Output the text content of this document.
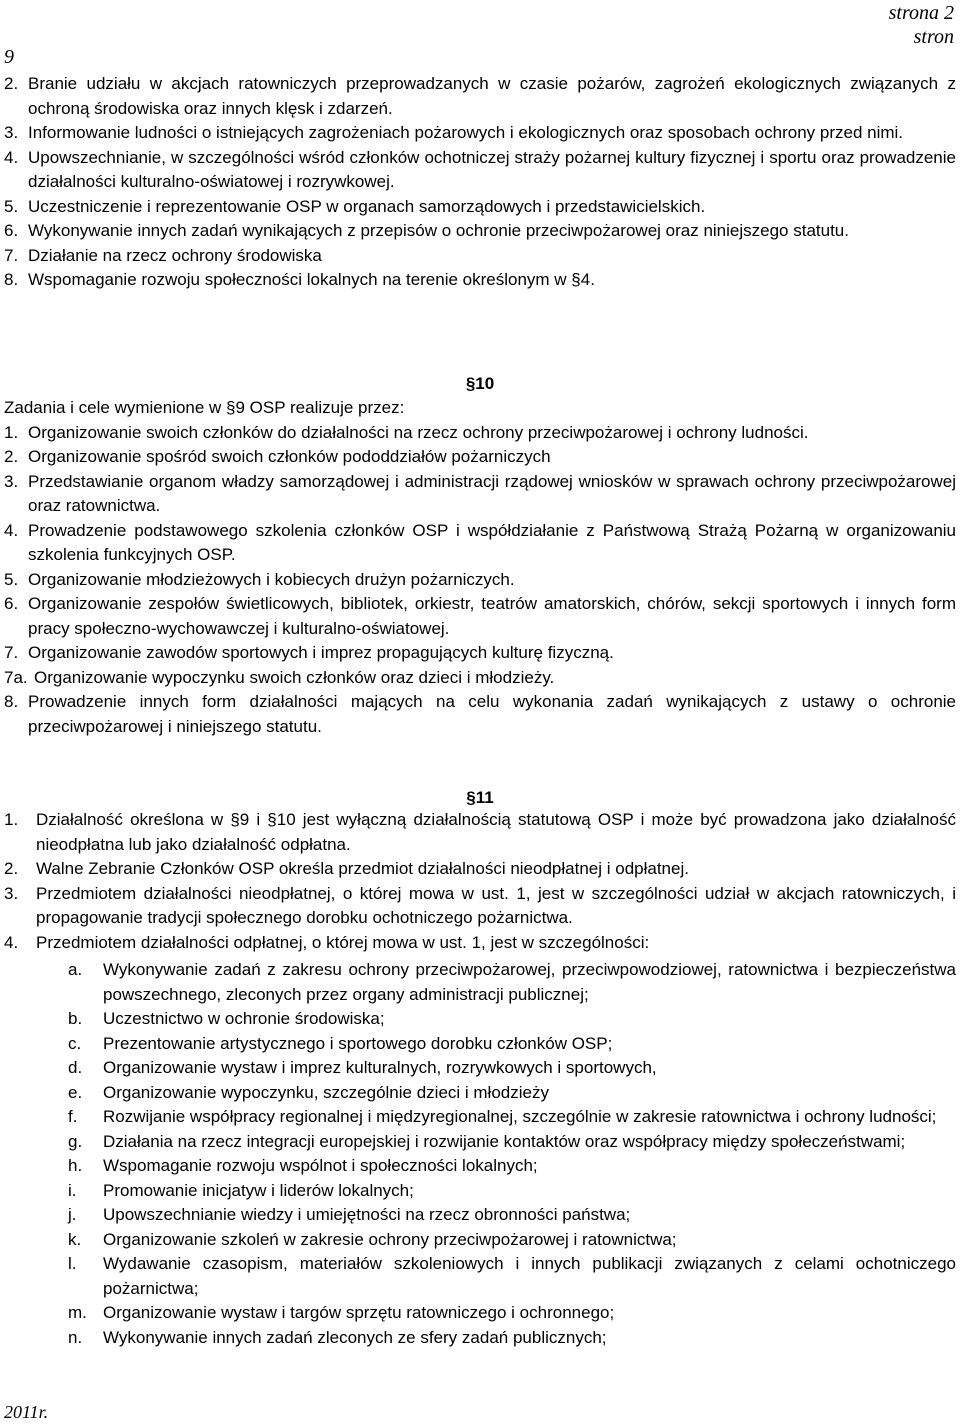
strona 2
stron
9
2. Branie udziału w akcjach ratowniczych przeprowadzanych w czasie pożarów, zagrożeń ekologicznych związanych z ochroną środowiska oraz innych klęsk i zdarzeń.
3. Informowanie ludności o istniejących zagrożeniach pożarowych i ekologicznych oraz sposobach ochrony przed nimi.
4. Upowszechnianie, w szczególności wśród członków ochotniczej straży pożarnej kultury fizycznej i sportu oraz prowadzenie działalności kulturalno-oświatowej i rozrywkowej.
5. Uczestniczenie i reprezentowanie OSP w organach samorządowych i przedstawicielskich.
6. Wykonywanie innych zadań wynikających z przepisów o ochronie przeciwpożarowej oraz niniejszego statutu.
7. Działanie na rzecz ochrony środowiska
8. Wspomaganie rozwoju społeczności lokalnych na terenie określonym w §4.
§10
Zadania i cele wymienione w §9 OSP realizuje przez:
1. Organizowanie swoich członków do działalności na rzecz ochrony przeciwpożarowej i ochrony ludności.
2. Organizowanie spośród swoich członków pododdziałów pożarniczych
3. Przedstawianie organom władzy samorządowej i administracji rządowej wniosków w sprawach ochrony przeciwpożarowej oraz ratownictwa.
4. Prowadzenie podstawowego szkolenia członków OSP i współdziałanie z Państwową Strażą Pożarną w organizowaniu szkolenia funkcyjnych OSP.
5. Organizowanie młodzieżowych i kobiecych drużyn pożarniczych.
6. Organizowanie zespołów świetlicowych, bibliotek, orkiestr, teatrów amatorskich, chórów, sekcji sportowych i innych form pracy społeczno-wychowawczej i kulturalno-oświatowej.
7. Organizowanie zawodów sportowych i imprez propagujących kulturę fizyczną.
7a. Organizowanie wypoczynku swoich członków oraz dzieci i młodzieży.
8. Prowadzenie innych form działalności mających na celu wykonania zadań wynikających z ustawy o ochronie przeciwpożarowej i niniejszego statutu.
§11
1.	Działalność określona w §9 i §10 jest wyłączną działalnością statutową OSP i może być prowadzona jako działalność nieodpłatna lub jako działalność odpłatna.
2.	Walne Zebranie Członków OSP określa przedmiot działalności nieodpłatnej i odpłatnej.
3.	Przedmiotem działalności nieodpłatnej, o której mowa w ust. 1, jest w szczególności udział w akcjach ratowniczych, i propagowanie tradycji społecznego dorobku ochotniczego pożarnictwa.
4.	Przedmiotem działalności odpłatnej, o której mowa w ust. 1, jest w szczególności:
a.	Wykonywanie zadań z zakresu ochrony przeciwpożarowej, przeciwpowodziowej, ratownictwa i bezpieczeństwa powszechnego, zleconych przez organy administracji publicznej;
b.	Uczestnictwo w ochronie środowiska;
c.	Prezentowanie artystycznego i sportowego dorobku członków OSP;
d.	Organizowanie wystaw i imprez kulturalnych, rozrywkowych i sportowych,
e.	Organizowanie wypoczynku, szczególnie dzieci i młodzieży
f.	Rozwijanie współpracy regionalnej i międzyregionalnej, szczególnie w zakresie ratownictwa i ochrony ludności;
g.	Działania na rzecz integracji europejskiej i rozwijanie kontaktów oraz współpracy między społeczeństwami;
h.	Wspomaganie rozwoju wspólnot i społeczności lokalnych;
i.	Promowanie inicjatyw i liderów lokalnych;
j.	Upowszechnianie wiedzy i umiejętności na rzecz obronności państwa;
k.	Organizowanie szkoleń w zakresie ochrony przeciwpożarowej i ratownictwa;
l.	Wydawanie czasopism, materiałów szkoleniowych i innych publikacji związanych z celami ochotniczego pożarnictwa;
m. Organizowanie wystaw i targów sprzętu ratowniczego i ochronnego;
n.	Wykonywanie innych zadań zleconych ze sfery zadań publicznych;
2011r.
